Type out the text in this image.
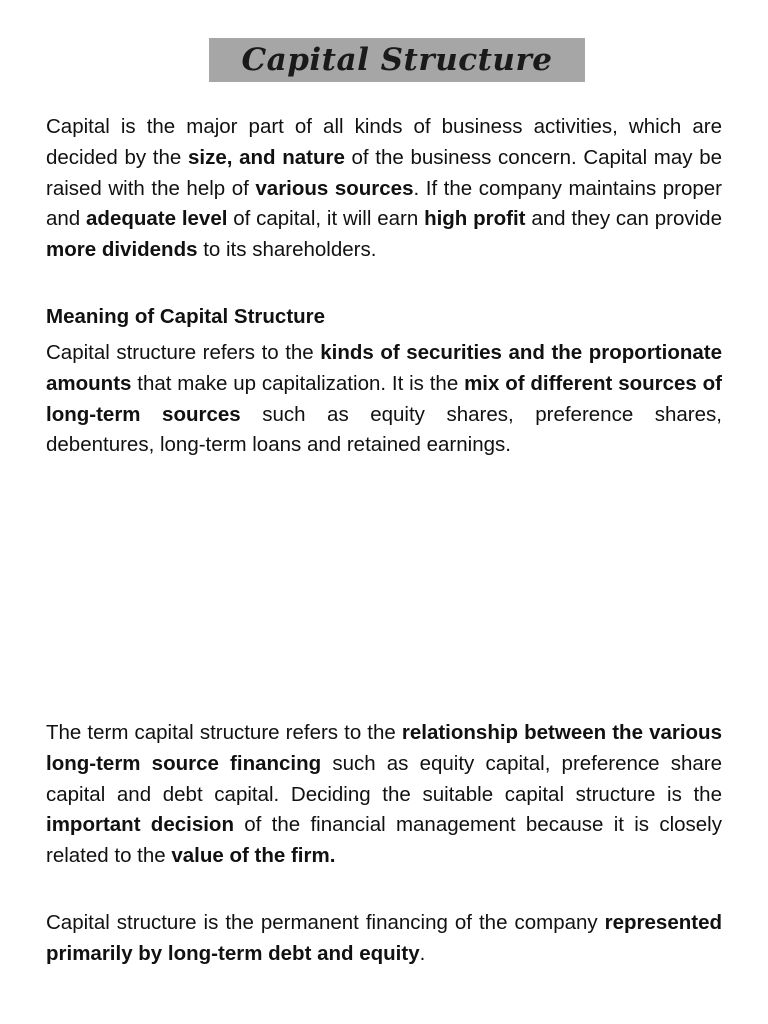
Capital Structure

Capital is the major part of all kinds of business activities, which are decided by the size, and nature of the business concern. Capital may be raised with the help of various sources. If the company maintains proper and adequate level of capital, it will earn high profit and they can provide more dividends to its shareholders.

Meaning of Capital Structure

Capital structure refers to the kinds of securities and the proportionate amounts that make up capitalization. It is the mix of different sources of long-term sources such as equity shares, preference shares, debentures, long-term loans and retained earnings.

The term capital structure refers to the relationship between the various long-term source financing such as equity capital, preference share capital and debt capital. Deciding the suitable capital structure is the important decision of the financial management because it is closely related to the value of the firm.

Capital structure is the permanent financing of the company represented primarily by long-term debt and equity.
